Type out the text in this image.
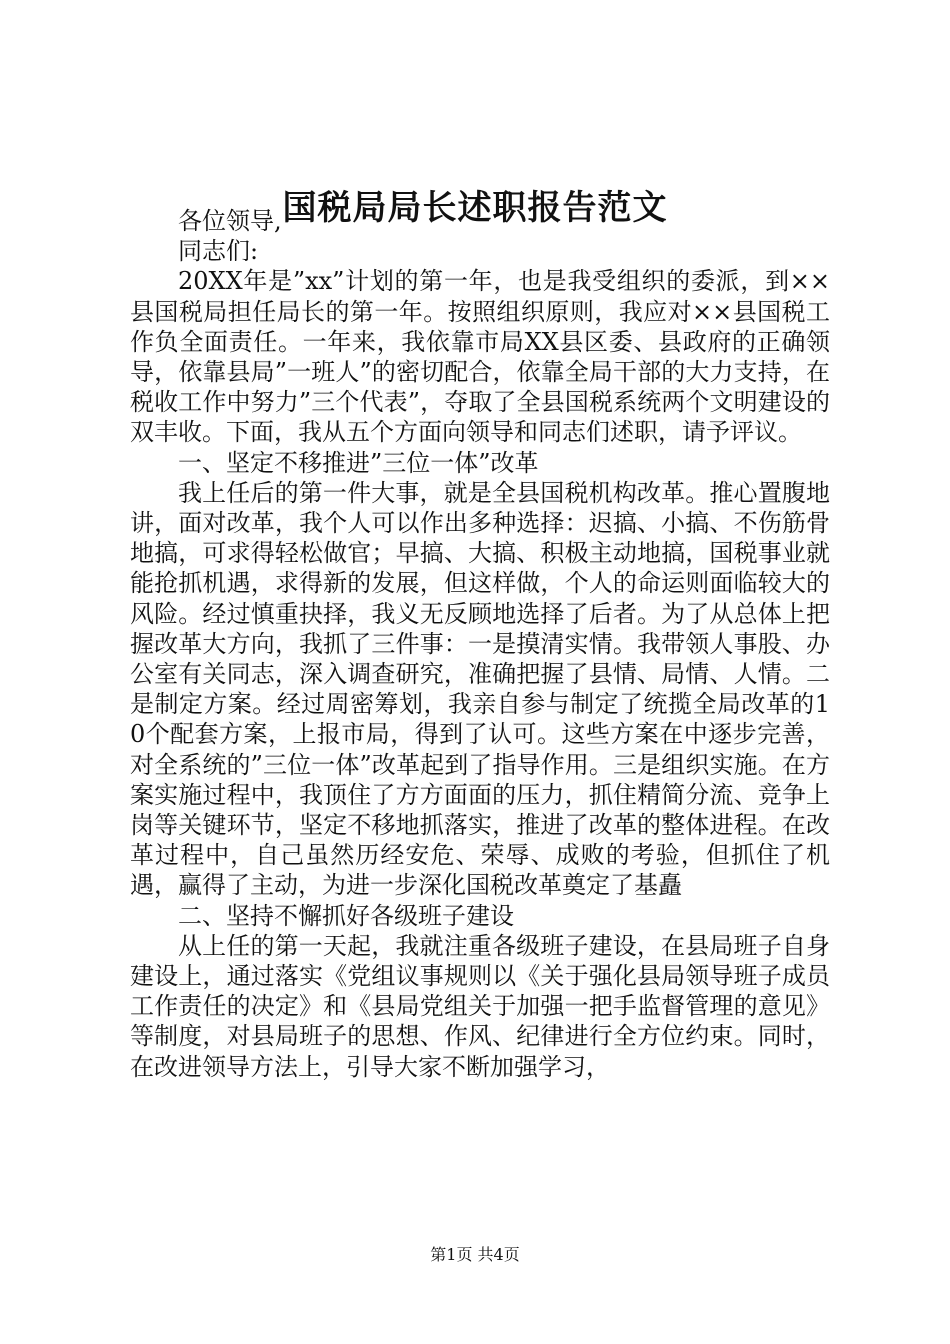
国税局局长述职报告范文

各位领导,

同志们:

20XX年是”xx”计划的第一年，也是我受组织的委派，到××县国税局担任局长的第一年。按照组织原则，我应对××县国税工作负全面责任。一年来，我依靠市局XX县区委、县政府的正确领导，依靠县局”一班人”的密切配合，依靠全局干部的大力支持，在税收工作中努力”三个代表”，夺取了全县国税系统两个文明建设的双丰收。下面，我从五个方面向领导和同志们述职，请予评议。

一、坚定不移推进”三位一体”改革

我上任后的第一件大事，就是全县国税机构改革。推心置腹地讲，面对改革，我个人可以作出多种选择：迟搞、小搞、不伤筋骨地搞，可求得轻松做官；早搞、大搞、积极主动地搞，国税事业就能抢抓机遇，求得新的发展，但这样做，个人的命运则面临较大的风险。经过慎重抉择，我义无反顾地选择了后者。为了从总体上把握改革大方向，我抓了三件事：一是摸清实情。我带领人事股、办公室有关同志，深入调查研究，准确把握了县情、局情、人情。二是制定方案。经过周密筹划，我亲自参与制定了统揽全局改革的10个配套方案，上报市局，得到了认可。这些方案在中逐步完善，对全系统的”三位一体”改革起到了指导作用。三是组织实施。在方案实施过程中，我顶住了方方面面的压力，抓住精简分流、竞争上岗等关键环节，坚定不移地抓落实，推进了改革的整体进程。在改革过程中，自己虽然历经安危、荣辱、成败的考验，但抓住了机遇，赢得了主动，为进一步深化国税改革奠定了基矗

二、坚持不懈抓好各级班子建设

从上任的第一天起，我就注重各级班子建设，在县局班子自身建设上，通过落实《党组议事规则以《关于强化县局领导班子成员工作责任的决定》和《县局党组关于加强一把手监督管理的意见》等制度，对县局班子的思想、作风、纪律进行全方位约束。同时，在改进领导方法上，引导大家不断加强学习，

第1页 共4页
